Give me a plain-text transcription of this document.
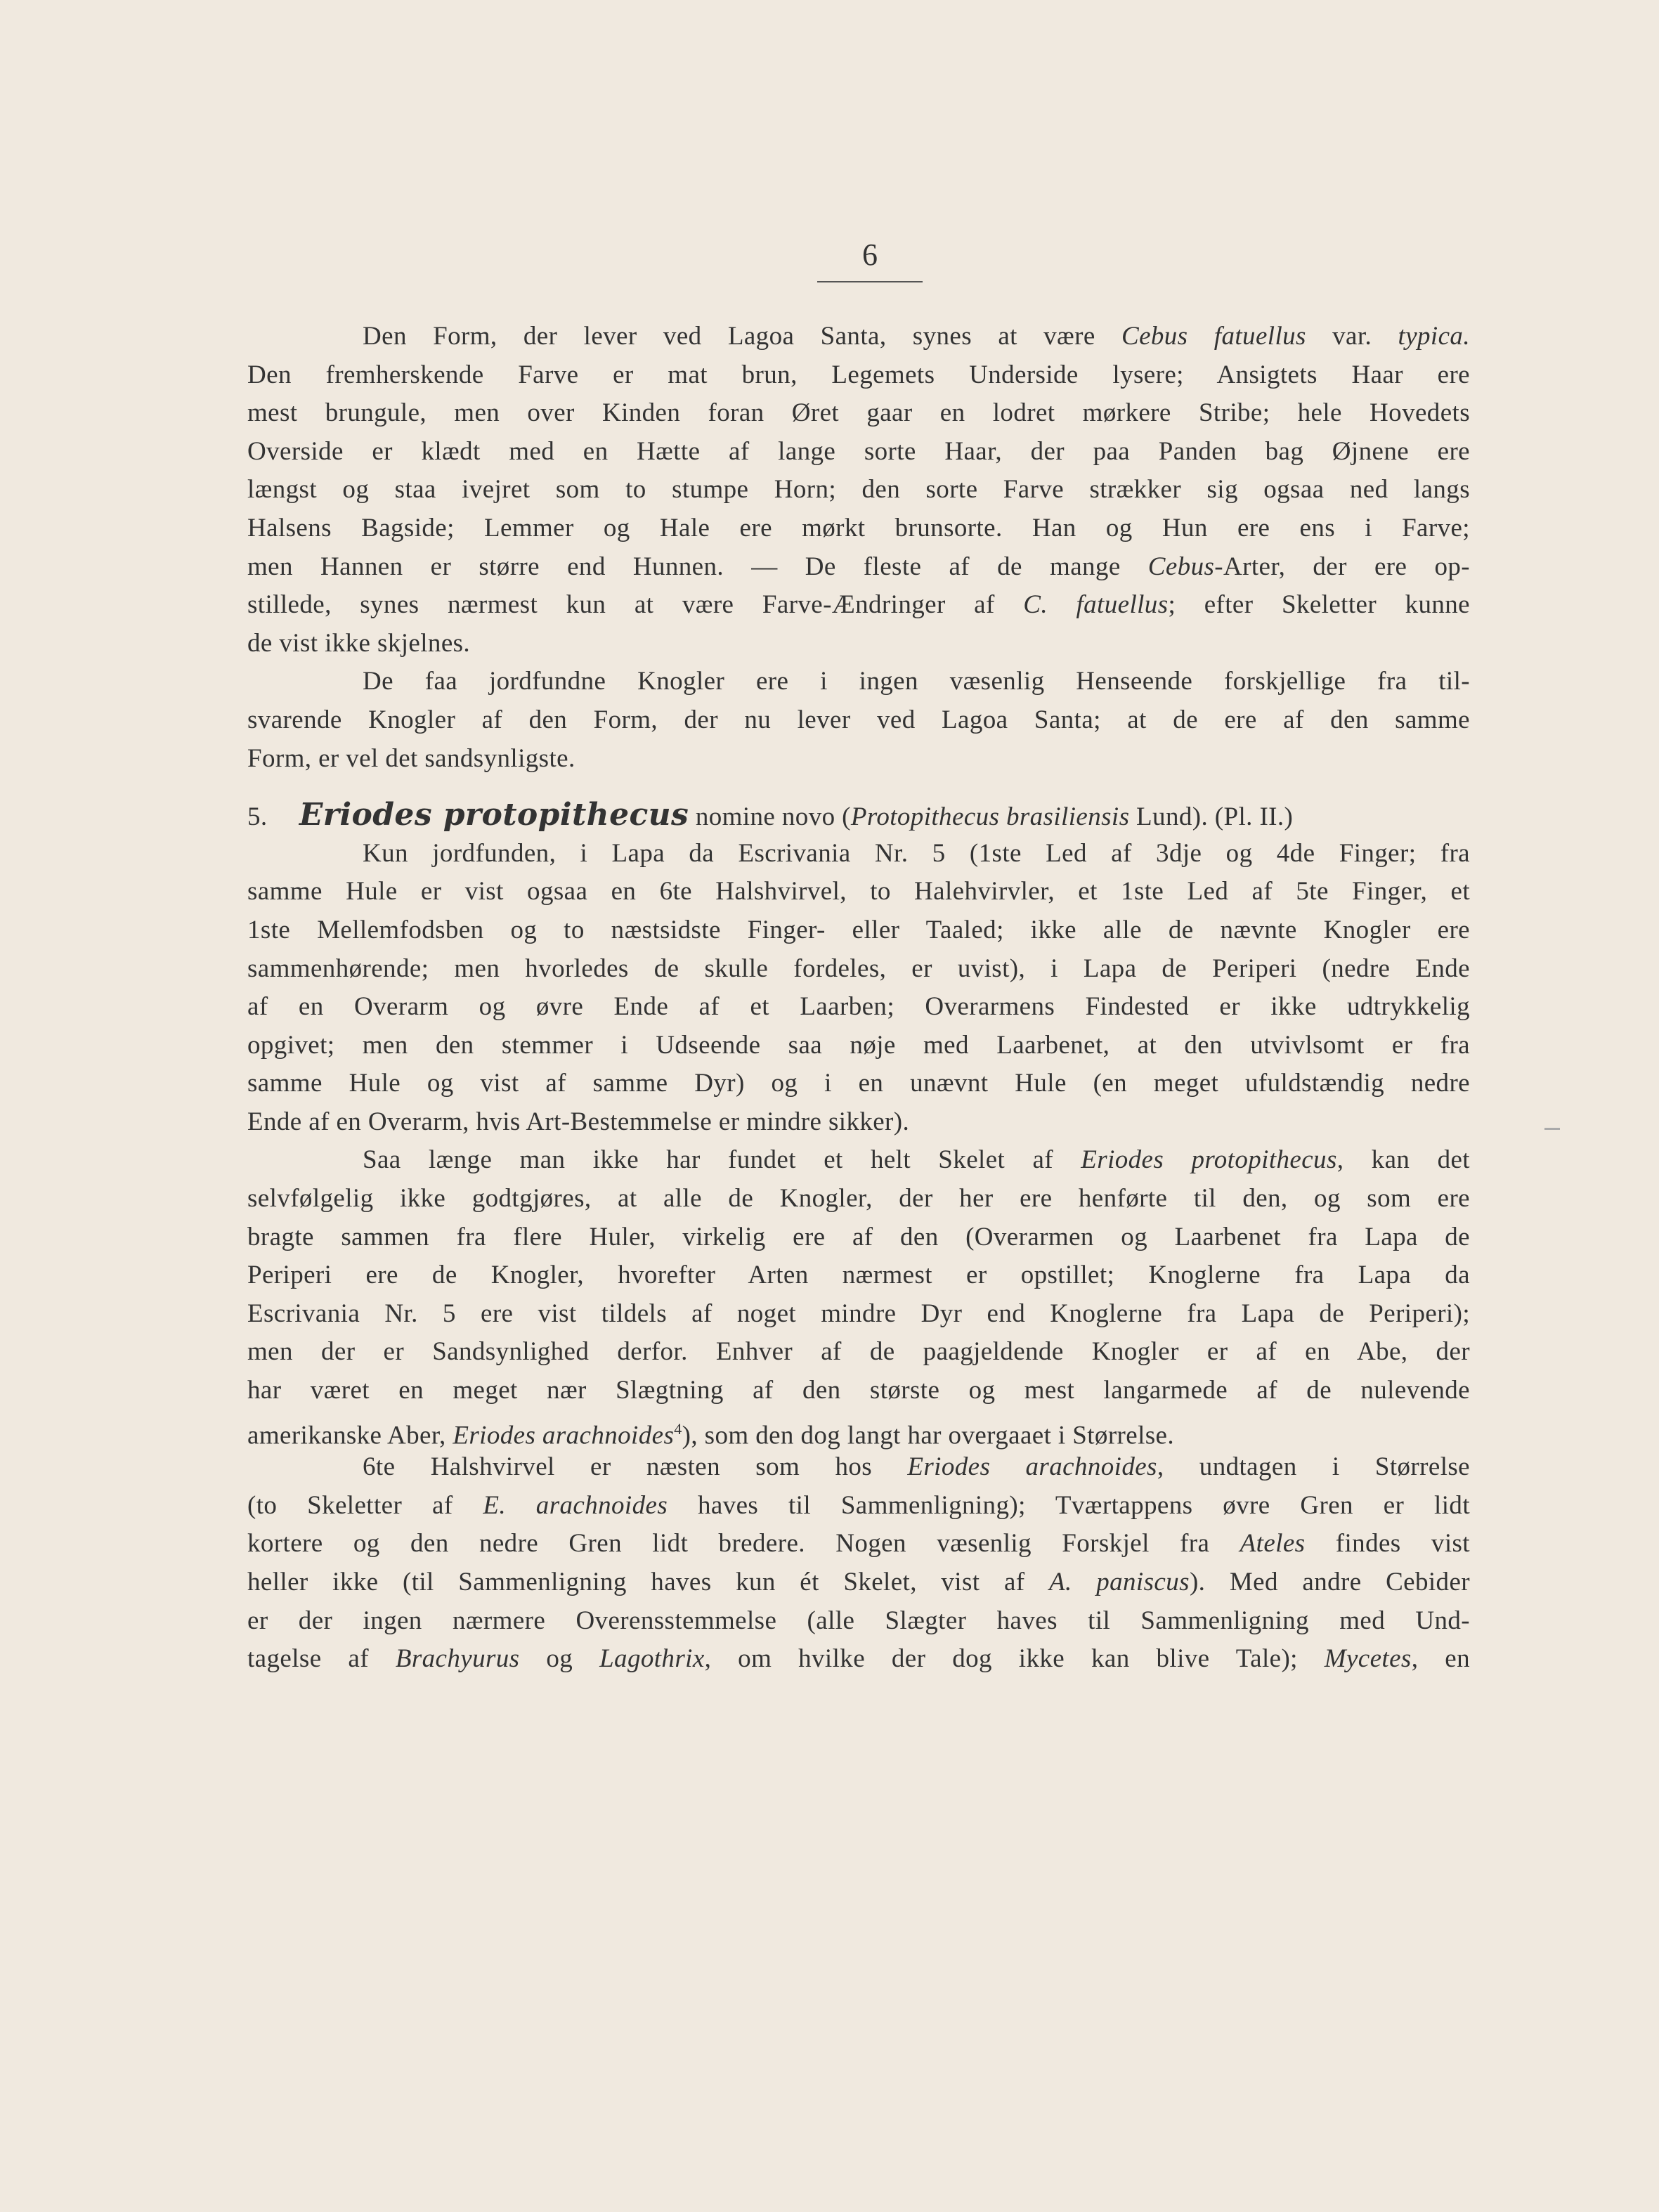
6
Den Form, der lever ved Lagoa Santa, synes at være Cebus fatuellus var. typica.
Den fremherskende Farve er mat brun, Legemets Underside lysere; Ansigtets Haar ere
mest brungule, men over Kinden foran Øret gaar en lodret mørkere Stribe; hele Hovedets
Overside er klædt med en Hætte af lange sorte Haar, der paa Panden bag Øjnene ere
længst og staa ivejret som to stumpe Horn; den sorte Farve strækker sig ogsaa ned langs
Halsens Bagside; Lemmer og Hale ere mørkt brunsorte. Han og Hun ere ens i Farve;
men Hannen er større end Hunnen. — De fleste af de mange Cebus-Arter, der ere op-
stillede, synes nærmest kun at være Farve-Ændringer af C. fatuellus; efter Skeletter kunne
de vist ikke skjelnes.
De faa jordfundne Knogler ere i ingen væsenlig Henseende forskjellige fra til-
svarende Knogler af den Form, der nu lever ved Lagoa Santa; at de ere af den samme
Form, er vel det sandsynligste.
5. Eriodes protopithecus nomine novo (Protopithecus brasiliensis Lund). (Pl. II.)
Kun jordfunden, i Lapa da Escrivania Nr. 5 (1ste Led af 3dje og 4de Finger; fra
samme Hule er vist ogsaa en 6te Halshvirvel, to Halehvirvler, et 1ste Led af 5te Finger, et
1ste Mellemfodsben og to næstsidste Finger- eller Taaled; ikke alle de nævnte Knogler ere
sammenhørende; men hvorledes de skulle fordeles, er uvist), i Lapa de Periperi (nedre Ende
af en Overarm og øvre Ende af et Laarben; Overarmens Findested er ikke udtrykkelig
opgivet; men den stemmer i Udseende saa nøje med Laarbenet, at den utvivlsomt er fra
samme Hule og vist af samme Dyr) og i en unævnt Hule (en meget ufuldstændig nedre
Ende af en Overarm, hvis Art-Bestemmelse er mindre sikker).
Saa længe man ikke har fundet et helt Skelet af Eriodes protopithecus, kan det
selvfølgelig ikke godtgjøres, at alle de Knogler, der her ere henførte til den, og som ere
bragte sammen fra flere Huler, virkelig ere af den (Overarmen og Laarbenet fra Lapa de
Periperi ere de Knogler, hvorefter Arten nærmest er opstillet; Knoglerne fra Lapa da
Escrivania Nr. 5 ere vist tildels af noget mindre Dyr end Knoglerne fra Lapa de Periperi);
men der er Sandsynlighed derfor. Enhver af de paagjeldende Knogler er af en Abe, der
har været en meget nær Slægtning af den største og mest langarmede af de nulevende
amerikanske Aber, Eriodes arachnoides$^4$), som den dog langt har overgaaet i Størrelse.
6te Halshvirvel er næsten som hos Eriodes arachnoides, undtagen i Størrelse
(to Skeletter af E. arachnoides haves til Sammenligning); Tværtappens øvre Gren er lidt
kortere og den nedre Gren lidt bredere. Nogen væsenlig Forskjel fra Ateles findes vist
heller ikke (til Sammenligning haves kun ét Skelet, vist af A. paniscus). Med andre Cebider
er der ingen nærmere Overensstemmelse (alle Slægter haves til Sammenligning med Und-
tagelse af Brachyurus og Lagothrix, om hvilke der dog ikke kan blive Tale); Mycetes, en
